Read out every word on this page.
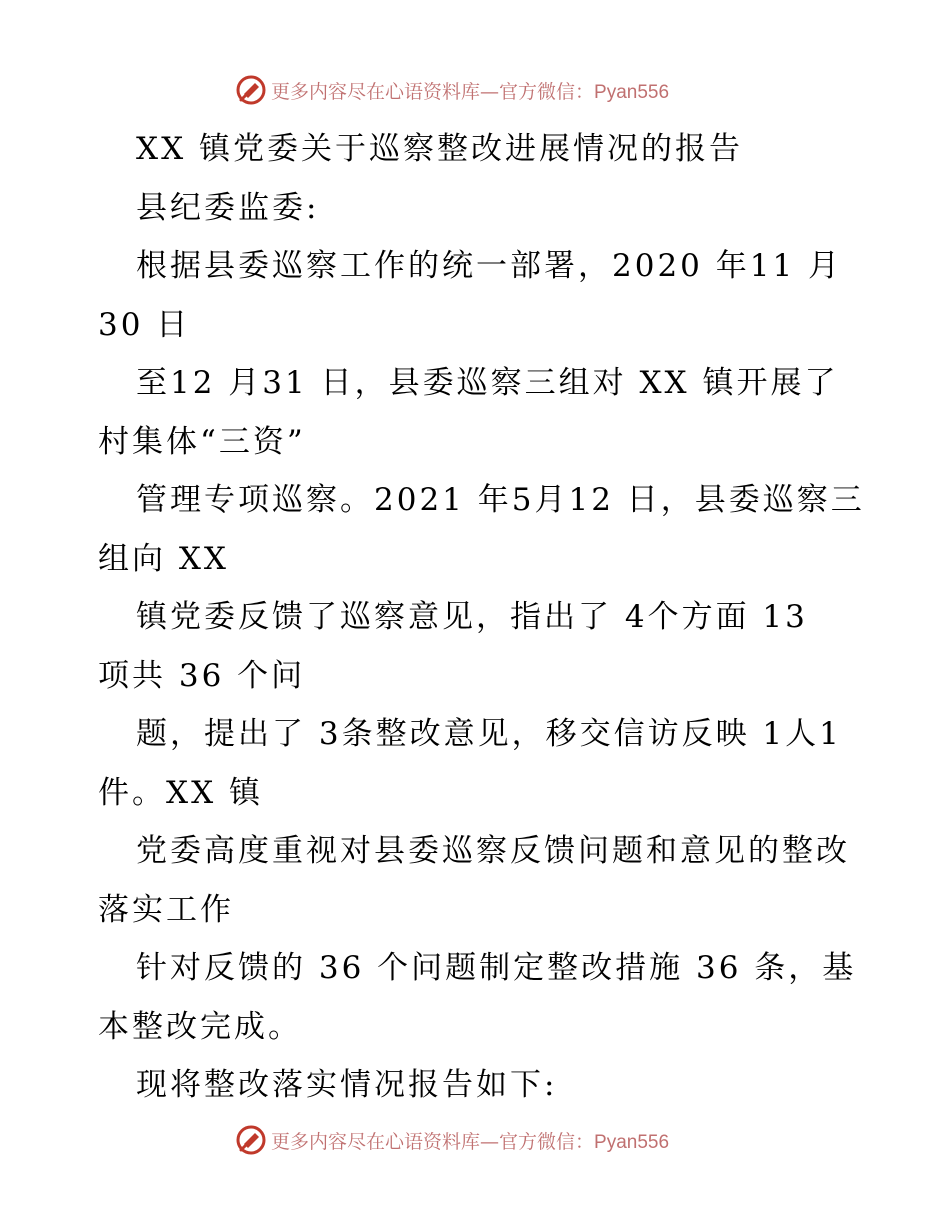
更多内容尽在心语资料库—官方微信：Pyan556
XX 镇党委关于巡察整改进展情况的报告
县纪委监委:
根据县委巡察工作的统一部署，2020 年11 月
30 日
至12 月31 日，县委巡察三组对 XX 镇开展了
村集体“三资”
管理专项巡察。2021 年5月12 日，县委巡察三
组向 XX
镇党委反馈了巡察意见，指出了 4个方面 13
项共 36 个问
题，提出了 3条整改意见，移交信访反映 1人1
件。XX 镇
党委高度重视对县委巡察反馈问题和意见的整改
落实工作
针对反馈的 36 个问题制定整改措施 36 条，基
本整改完成。
现将整改落实情况报告如下:
更多内容尽在心语资料库—官方微信：Pyan556
